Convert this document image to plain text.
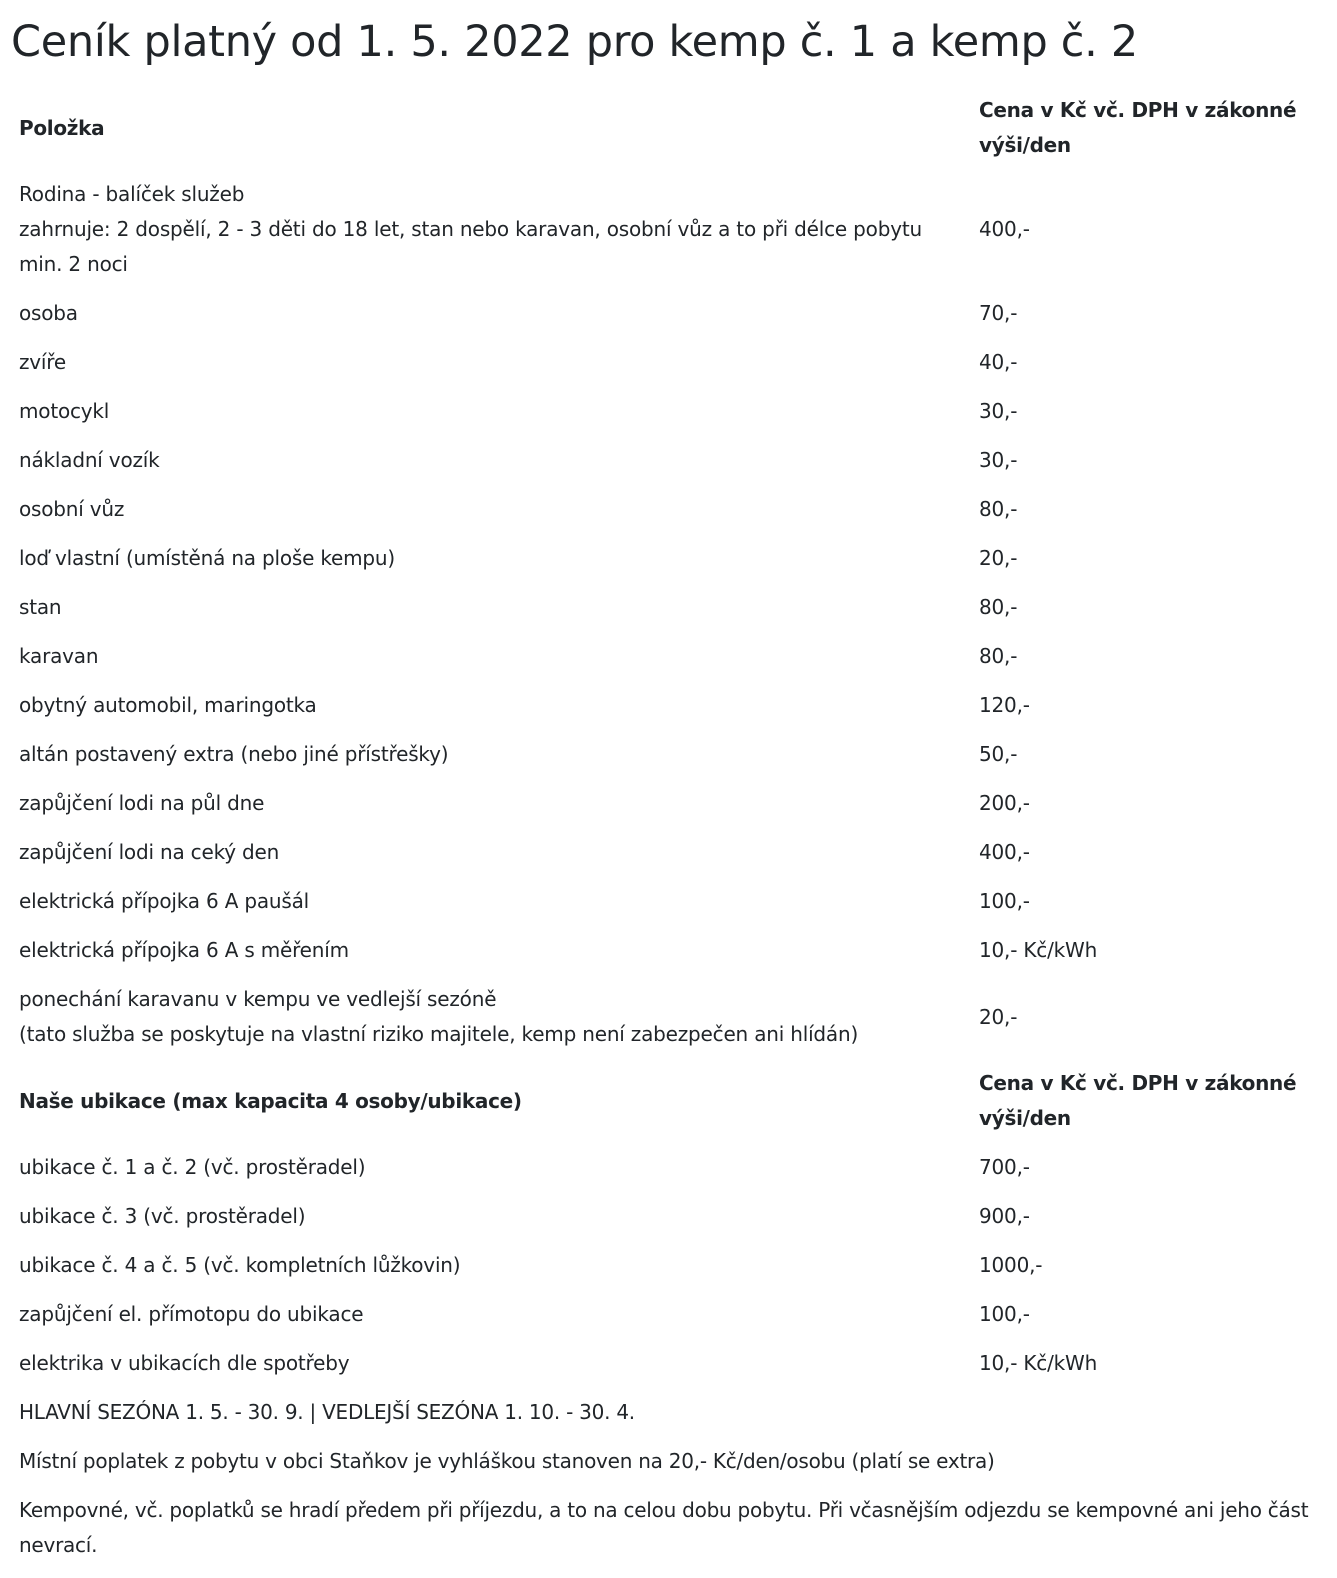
Ceník platný od 1. 5. 2022 pro kemp č. 1 a kemp č. 2
Položka	Cena v Kč vč. DPH v zákonné výši/den
Rodina - balíček služeb
zahrnuje: 2 dospělí, 2 - 3 děti do 18 let, stan nebo karavan, osobní vůz a to při délce pobytu min. 2 noci	400,-
osoba	70,-
zvíře	40,-
motocykl	30,-
nákladní vozík	30,-
osobní vůz	80,-
loď vlastní (umístěná na ploše kempu)	20,-
stan	80,-
karavan	80,-
obytný automobil, maringotka	120,-
altán postavený extra (nebo jiné přístřešky)	50,-
zapůjčení lodi na půl dne	200,-
zapůjčení lodi na ceký den	400,-
elektrická přípojka 6 A paušál	100,-
elektrická přípojka 6 A s měřením	10,- Kč/kWh
ponechání karavanu v kempu ve vedlejší sezóně
(tato služba se poskytuje na vlastní riziko majitele, kemp není zabezpečen ani hlídán)	20,-
Naše ubikace (max kapacita 4 osoby/ubikace)	Cena v Kč vč. DPH v zákonné výši/den
ubikace č. 1 a č. 2 (vč. prostěradel)	700,-
ubikace č. 3 (vč. prostěradel)	900,-
ubikace č. 4 a č. 5 (vč. kompletních lůžkovin)	1000,-
zapůjčení el. přímotopu do ubikace	100,-
elektrika v ubikacích dle spotřeby	10,- Kč/kWh
HLAVNÍ SEZÓNA 1. 5. - 30. 9. | VEDLEJŠÍ SEZÓNA 1. 10. - 30. 4.	
Místní poplatek z pobytu v obci Staňkov je vyhláškou stanoven na 20,- Kč/den/osobu (platí se extra)	
Kempovné, vč. poplatků se hradí předem při příjezdu, a to na celou dobu pobytu. Při včasnějším odjezdu se kempovné ani jeho část nevrací.	
